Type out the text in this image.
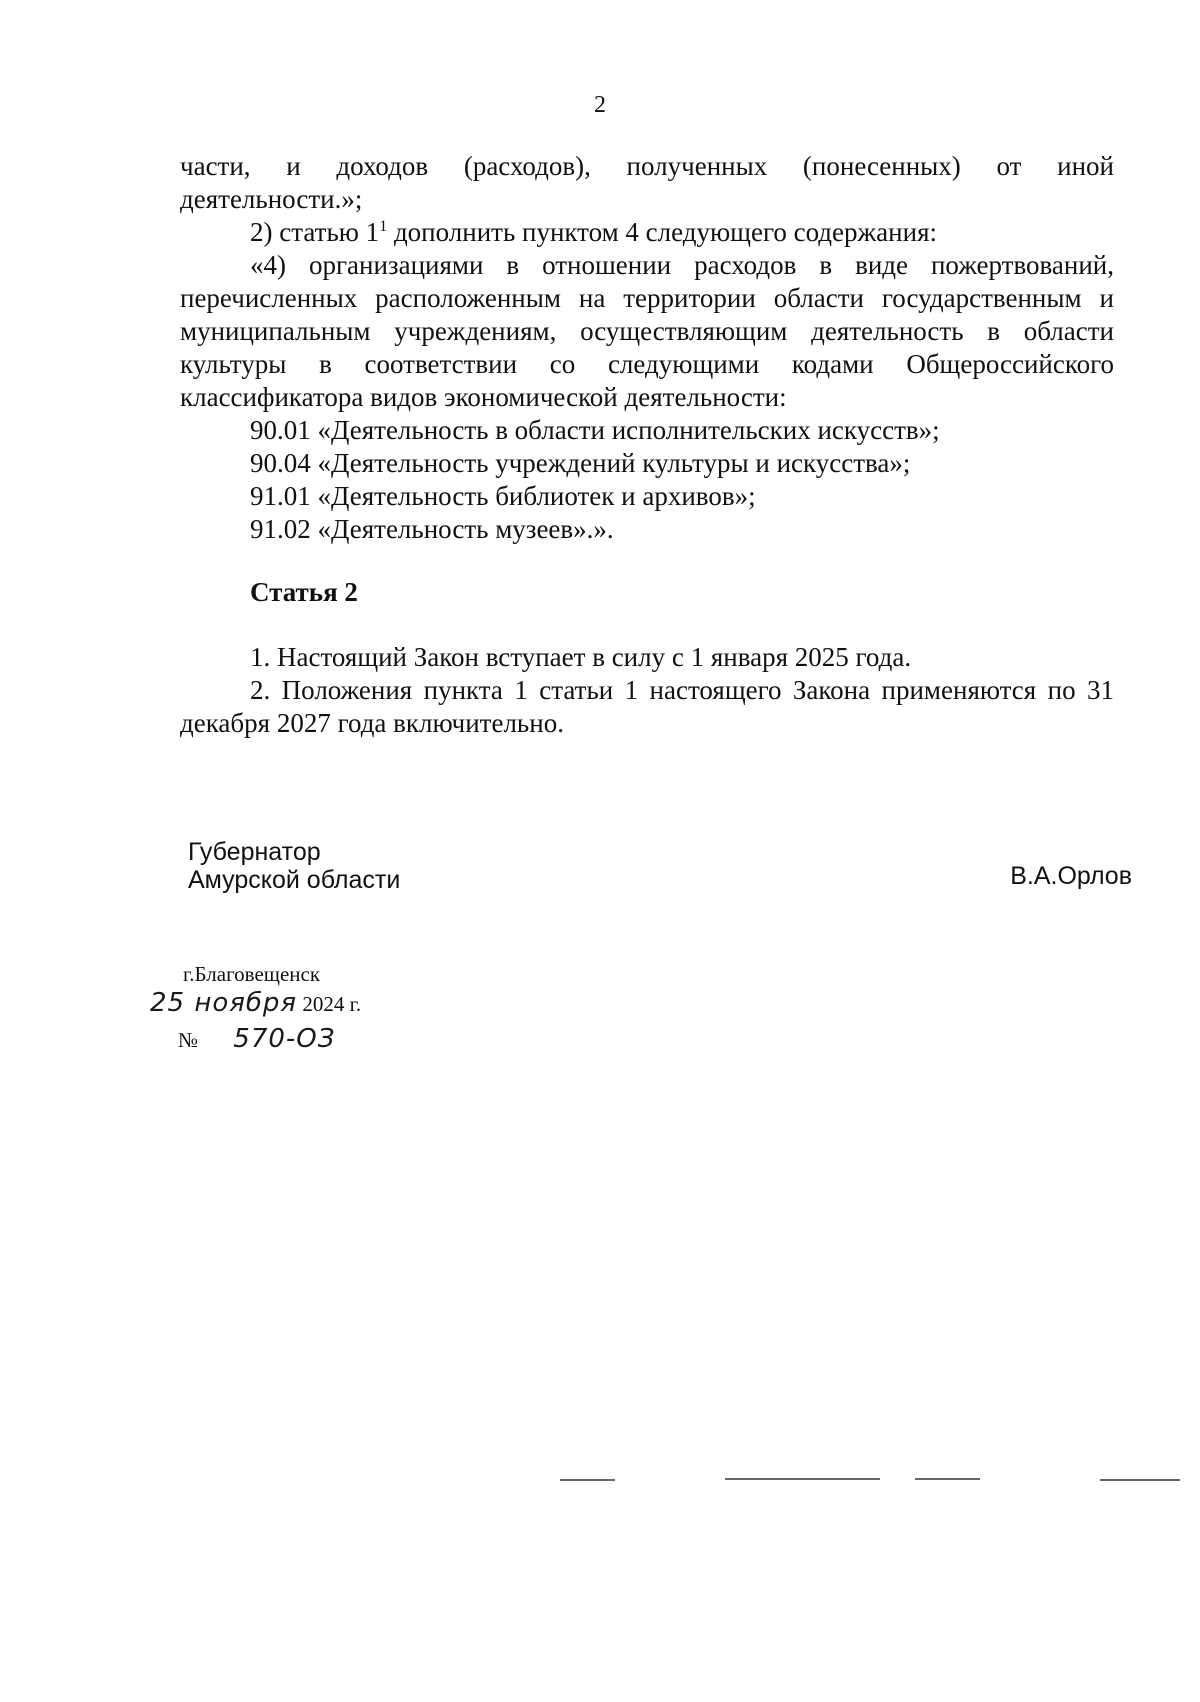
2

части, и доходов (расходов), полученных (понесенных) от иной

деятельности.»;

2) статью $1^1$ дополнить пунктом 4 следующего содержания:

«4) организациями в отношении расходов в виде пожертвований, перечисленных расположенным на территории области государственным и муниципальным учреждениям, осуществляющим деятельность в области культуры в соответствии со следующими кодами Общероссийского классификатора видов экономической деятельности:

90.01 «Деятельность в области исполнительских искусств»;

90.04 «Деятельность учреждений культуры и искусства»;

91.01 «Деятельность библиотек и архивов»;

91.02 «Деятельность музеев».».

Статья 2

1. Настоящий Закон вступает в силу с 1 января 2025 года.

2. Положения пункта 1 статьи 1 настоящего Закона применяются по 31 декабря 2027 года включительно.

Губернатор
Амурской области	В.А.Орлов
г.Благовещенск
25 ноября 2024 г.
№ 570-ОЗ
